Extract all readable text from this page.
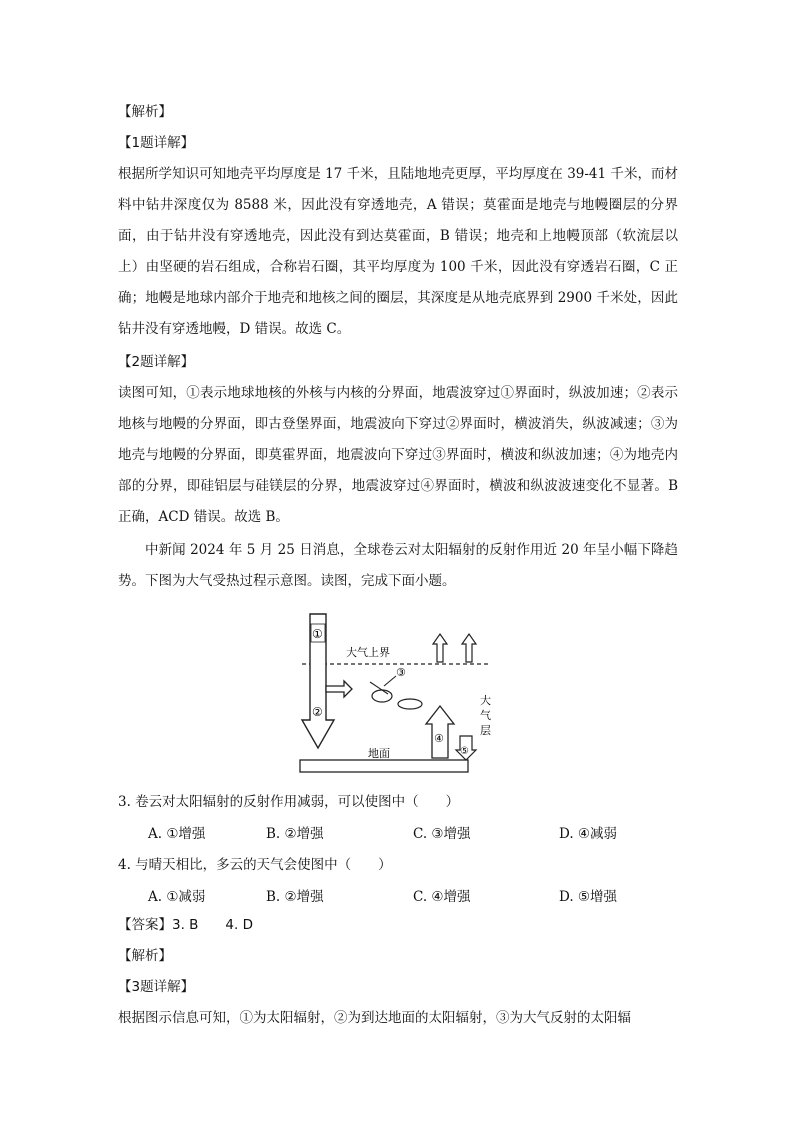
【解析】
【1题详解】
根据所学知识可知地壳平均厚度是 17 千米，且陆地地壳更厚，平均厚度在 39-41 千米，而材料中钻井深度仅为 8588 米，因此没有穿透地壳，A 错误；莫霍面是地壳与地幔圈层的分界面，由于钻井没有穿透地壳，因此没有到达莫霍面，B 错误；地壳和上地幔顶部（软流层以上）由坚硬的岩石组成，合称岩石圈，其平均厚度为 100 千米，因此没有穿透岩石圈，C 正确；地幔是地球内部介于地壳和地核之间的圈层，其深度是从地壳底界到 2900 千米处，因此钻井没有穿透地幔，D 错误。故选 C。
【2题详解】
读图可知，①表示地球地核的外核与内核的分界面，地震波穿过①界面时，纵波加速；②表示地核与地幔的分界面，即古登堡界面，地震波向下穿过②界面时，横波消失，纵波减速；③为地壳与地幔的分界面，即莫霍界面，地震波向下穿过③界面时，横波和纵波加速；④为地壳内部的分界，即硅铝层与硅镁层的分界，地震波穿过④界面时，横波和纵波波速变化不显著。B 正确，ACD 错误。故选 B。
中新闻 2024 年 5 月 25 日消息，全球卷云对太阳辐射的反射作用近 20 年呈小幅下降趋势。下图为大气受热过程示意图。读图，完成下面小题。
大气上界
①
②
③
大
气
层
④
⑤
地面
3. 卷云对太阳辐射的反射作用减弱，可以使图中（　　）
A. ①增强	B. ②增强	C. ③增强	D. ④减弱
4. 与晴天相比，多云的天气会使图中（　　）
A. ①减弱	B. ②增强	C. ④增强	D. ⑤增强
【答案】3. B　　4. D
【解析】
【3题详解】
根据图示信息可知，①为太阳辐射，②为到达地面的太阳辐射，③为大气反射的太阳辐
